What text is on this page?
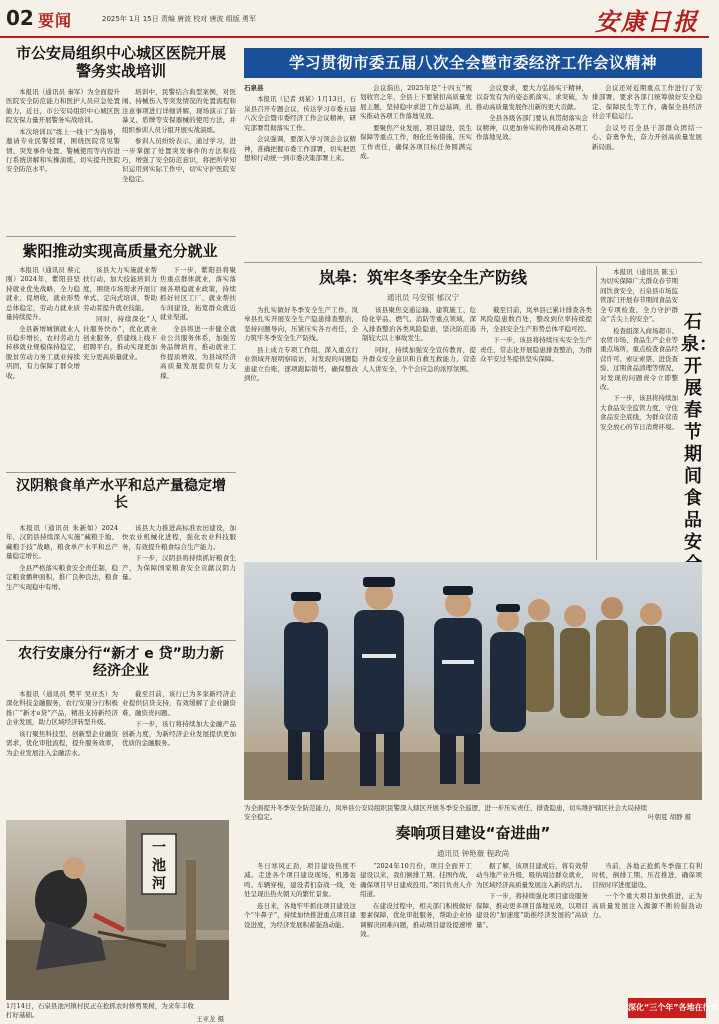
02 要闻	2025年 1月 15日 责编 唐波 校对 唐波 组版 勇军	安康日报
市公安局组织中心城区医院开展警务实战培训

本报讯（通讯员 秦军）为全面提升医院安全防范能力和医护人员应急处置能力，近日，市公安局组织中心城区医院安保力量开展警务实战培训。

本次培训以“练上一线干”为指导，邀请专业民警授课，围绕医院常见警情、突发事件处置、警械使用等内容进行系统讲解和实操演练，切实提升医院安全防范水平。

培训中，民警结合典型案例，对医闹、持械伤人等突发情况的处置流程和注意事项进行详细讲解，现场演示了防暴叉、盾牌等安保器械的使用方法，并组织参训人员分组开展实战演练。

参训人员纷纷表示，通过学习，进一步掌握了处置突发事件的方法和技巧，增强了安全防范意识，将把所学知识运用到实际工作中，切实守护医院安全稳定。

紫阳推动实现高质量充分就业

本报讯（通讯员 蔡元刚）2024年，紫阳县坚持就业优先战略，全力稳就业、促增收，就业形势总体稳定，劳动力就业质量持续提升。

全县新增城镇就业人员稳步增长，农村劳动力转移就业规模保持稳定，脱贫劳动力务工就业持续巩固，有力保障了群众增收。

该县大力实施就业帮扶行动，加大技能培训力度，围绕市场需求开展订单式、定向式培训，帮助劳动者提升就业技能。

同时，持续深化“人社服务快办”，优化就业创业服务，搭建线上线下招聘平台，推动实现更加充分更高质量就业。

下一步，紫阳县将聚焦重点群体就业，落实落细各项稳就业政策，持续抓好社区工厂、就业帮扶车间建设，拓宽群众就近就业渠道。

全县将进一步健全就业公共服务体系，加强劳务品牌培育，推动就业工作提质增效，为县域经济高质量发展提供有力支撑。

汉阴粮食单产水平和总产量稳定增长

本报讯（通讯员 朱新如）2024年，汉阴县持续深入实施“藏粮于地、藏粮于技”战略，粮食单产水平和总产量稳定增长。

全县严格落实粮食安全责任制，稳定粮食播种面积，推广良种良法，粮食生产实现稳中有增。

该县大力推进高标准农田建设，加快农业机械化进程，强化农业科技服务，有效提升粮食综合生产能力。

下一步，汉阴县将持续抓好粮食生产，为保障国家粮食安全贡献汉阴力量。

农行安康分行“新才 e 贷”助力新经济企业

本报讯（通讯员 樊平 吴亚杰）为深化科技金融服务，农行安康分行积极推广“新才e贷”产品，精准支持新经济企业发展，助力区域经济转型升级。

该行聚焦科技型、创新型企业融资需求，优化审批流程，提升服务效率，为企业发展注入金融活水。

截至目前，该行已为多家新经济企业提供信贷支持，有效缓解了企业融资难、融资贵问题。

下一步，该行将持续加大金融产品创新力度，为新经济企业发展提供更加优质的金融服务。

一
池
河
1月14日，石泉县池河镇村民正在抢抓农时修剪果树，为来年丰收打好基础。	王亚龙 摄
学习贯彻市委五届八次全会暨市委经济工作会议精神

石泉县

本报讯（记者 刘某）1月13日，石泉县召开专题会议，传达学习市委五届八次全会暨市委经济工作会议精神，研究部署贯彻落实工作。

会议强调，要深入学习领会会议精神，准确把握市委工作部署，切实把思想和行动统一到市委决策部署上来。

会议指出，2025年是“十四五”规划收官之年，全县上下要紧扣高质量发展主题，坚持稳中求进工作总基调，扎实推动各项工作落地见效。

要聚焦产业发展、项目建设、民生保障等重点工作，细化任务措施，压实工作责任，确保各项目标任务圆满完成。

会议要求，要大力弘扬实干精神，以奋发有为的姿态抓落实、求突破，为推动高质量发展作出新的更大贡献。

全县各级各部门要认真贯彻落实会议精神，以更加务实的作风推动各项工作落地见效。

会议还对近期重点工作进行了安排部署，要求各部门统筹做好安全稳定、保障民生等工作，确保全县经济社会平稳运行。

会议号召全县干部群众团结一心、奋勇争先，奋力开创高质量发展新局面。

岚皋：筑牢冬季安全生产防线
通讯员 马安银 郁汉宁

为扎实做好冬季安全生产工作，岚皋县扎实开展安全生产隐患排查整治，坚持问题导向，压紧压实各方责任，全力筑牢冬季安全生产防线。

县上成立专项工作组，深入重点行业领域开展明察暗访，对发现的问题隐患建立台账，逐项跟踪销号，确保整改到位。

该县聚焦交通运输、建筑施工、危险化学品、燃气、消防等重点领域，深入排查整治各类风险隐患，坚决防范遏制较大以上事故发生。

同时，持续加强安全宣传教育，提升群众安全意识和自救互救能力，营造人人讲安全、个个会应急的浓厚氛围。

截至目前，岚皋县已累计排查各类风险隐患数百处，整改到位率持续提升，全县安全生产形势总体平稳可控。

下一步，该县将持续压实安全生产责任，常态化开展隐患排查整治，为群众平安过冬提供坚实保障。

本报讯（通讯员 陈玉）为切实保障广大群众春节期间饮食安全，石泉县市场监管部门开展春节期间食品安全专项检查，全力守护群众“舌尖上的安全”。

检查组深入商场超市、农贸市场、食品生产企业等重点场所，重点检查食品经营许可、索证索票、进货查验、过期食品清理等情况，对发现的问题责令立即整改。

下一步，该县将持续加大食品安全监管力度，守住食品安全底线，为群众营造安全放心的节日消费环境。

石泉：开展春节期间食品安
为全面提升冬季安全防范能力，岚皋县公安局组织民警深入辖区开展冬季安全巡逻，进一步压实责任、排查隐患，切实维护辖区社会大局持续安全稳定。	叶朝夏 胡静 摄
奏响项目建设“奋进曲”
通讯员 钟艳薇 程政尚

冬日寒风正劲，项目建设热度不减。走进各个项目建设现场，机器轰鸣、车辆穿梭，建设者们奋战一线，处处呈现出热火朝天的繁忙景象。

连日来，各地牢牢抓住项目建设这个“牛鼻子”，持续加快推进重点项目建设进度，为经济发展积蓄强劲动能。

“2024年10月份，项目全面开工建设以来，我们倒排工期、挂图作战，确保项目早日建成投用。”项目负责人介绍道。

在建设过程中，相关部门积极做好要素保障，优化审批服务，帮助企业协调解决困难问题，推动项目建设提速增效。

据了解，该项目建成后，将有效带动当地产业升级，吸纳周边群众就业，为区域经济高质量发展注入新的活力。

下一步，将持续强化项目建设服务保障，推动更多项目落地见效，以项目建设的“加速度”助推经济发展的“高质量”。

当前，各地正抢抓冬季施工有利时机，倒排工期、压茬推进，确保项目按时序进度建设。

一个个重大项目加快推进，正为高质量发展注入源源不断的强劲动力。

深化“三个年”各地在行动
